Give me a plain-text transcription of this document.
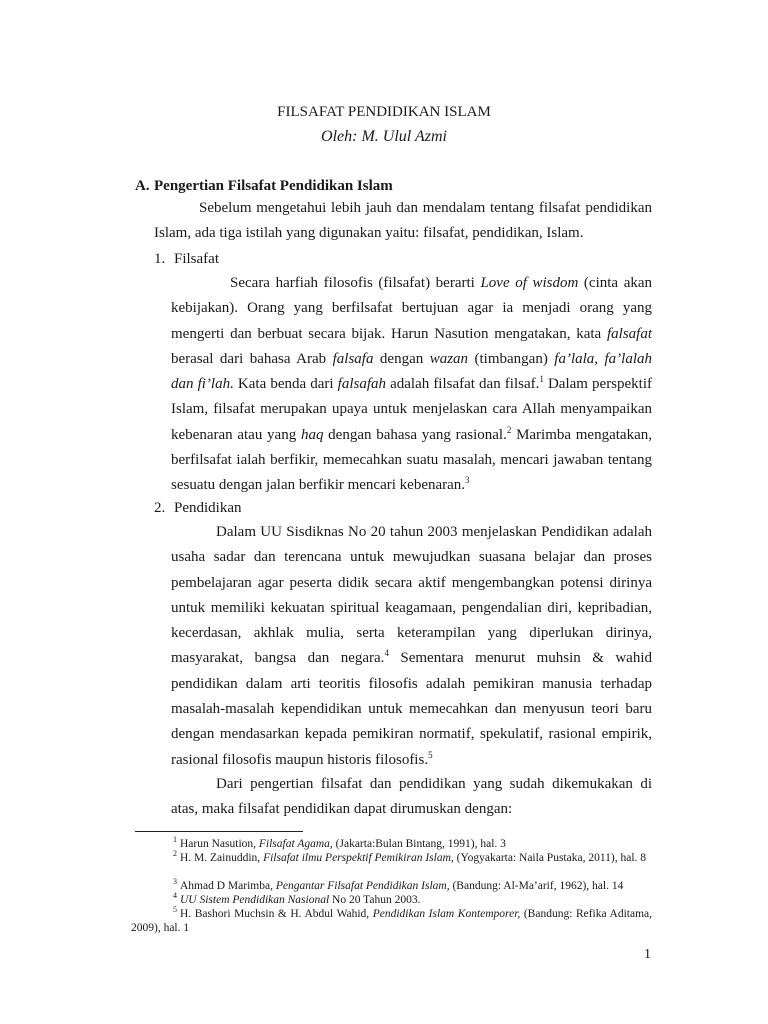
FILSAFAT PENDIDIKAN ISLAM
Oleh: M. Ulul Azmi
A. Pengertian Filsafat Pendidikan Islam

Sebelum mengetahui lebih jauh dan mendalam tentang filsafat pendidikan Islam, ada tiga istilah yang digunakan yaitu: filsafat, pendidikan, Islam.

1. Filsafat

Secara harfiah filosofis (filsafat) berarti Love of wisdom (cinta akan kebijakan). Orang yang berfilsafat bertujuan agar ia menjadi orang yang mengerti dan berbuat secara bijak. Harun Nasution mengatakan, kata falsafat berasal dari bahasa Arab falsafa dengan wazan (timbangan) fa’lala, fa’lalah dan fi’lah. Kata benda dari falsafah adalah filsafat dan filsaf.$^1$ Dalam perspektif Islam, filsafat merupakan upaya untuk menjelaskan cara Allah menyampaikan kebenaran atau yang haq dengan bahasa yang rasional.$^2$ Marimba mengatakan, berfilsafat ialah berfikir, memecahkan suatu masalah, mencari jawaban tentang sesuatu dengan jalan berfikir mencari kebenaran.$^3$

2. Pendidikan

Dalam UU Sisdiknas No 20 tahun 2003 menjelaskan Pendidikan adalah usaha sadar dan terencana untuk mewujudkan suasana belajar dan proses pembelajaran agar peserta didik secara aktif mengembangkan potensi dirinya untuk memiliki kekuatan spiritual keagamaan, pengendalian diri, kepribadian, kecerdasan, akhlak mulia, serta keterampilan yang diperlukan dirinya, masyarakat, bangsa dan negara.$^4$ Sementara menurut muhsin & wahid pendidikan dalam arti teoritis filosofis adalah pemikiran manusia terhadap masalah-masalah kependidikan untuk memecahkan dan menyusun teori baru dengan mendasarkan kepada pemikiran normatif, spekulatif, rasional empirik, rasional filosofis maupun historis filosofis.$^5$

Dari pengertian filsafat dan pendidikan yang sudah dikemukakan di atas, maka filsafat pendidikan dapat dirumuskan dengan:

$^1$ Harun Nasution, Filsafat Agama, (Jakarta:Bulan Bintang, 1991), hal. 3

$^2$ H. M. Zainuddin, Filsafat ilmu Perspektif Pemikiran Islam, (Yogyakarta: Naila Pustaka, 2011), hal. 8

$^3$ Ahmad D Marimba, Pengantar Filsafat Pendidikan Islam, (Bandung: Al-Ma’arif, 1962), hal. 14

$^4$ UU Sistem Pendidikan Nasional No 20 Tahun 2003.

$^5$ H. Bashori Muchsin & H. Abdul Wahid, Pendidikan Islam Kontemporer, (Bandung: Refika Aditama, 2009), hal. 1

1
